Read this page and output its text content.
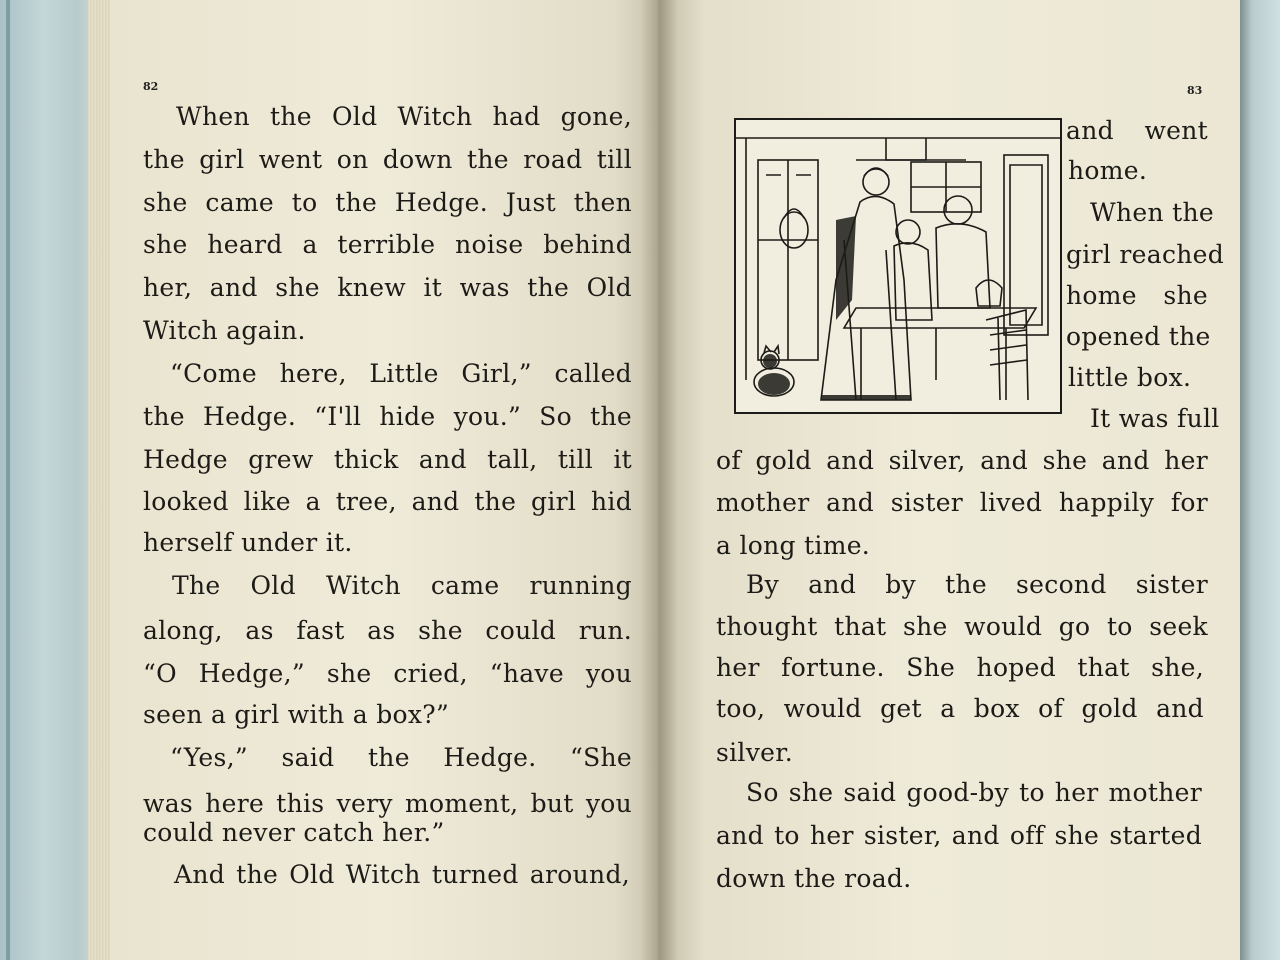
82
When the Old Witch had gone,
the girl went on down the road till
she came to the Hedge. Just then
she heard a terrible noise behind
her, and she knew it was the Old
Witch again.
“Come here, Little Girl,” called
the Hedge. “I'll hide you.” So the
Hedge grew thick and tall, till it
looked like a tree, and the girl hid
herself under it.
The Old Witch came running
along, as fast as she could run.
“O Hedge,” she cried, “have you
seen a girl with a box?”
“Yes,” said the Hedge. “She
was here this very moment, but you
could never catch her.”
And the Old Witch turned around,
83
and went
home.
When the
girl reached
home she
opened the
little box.
It was full
of gold and silver, and she and her
mother and sister lived happily for
a long time.
By and by the second sister
thought that she would go to seek
her fortune. She hoped that she,
too, would get a box of gold and
silver.
So she said good-by to her mother
and to her sister, and off she started
down the road.
